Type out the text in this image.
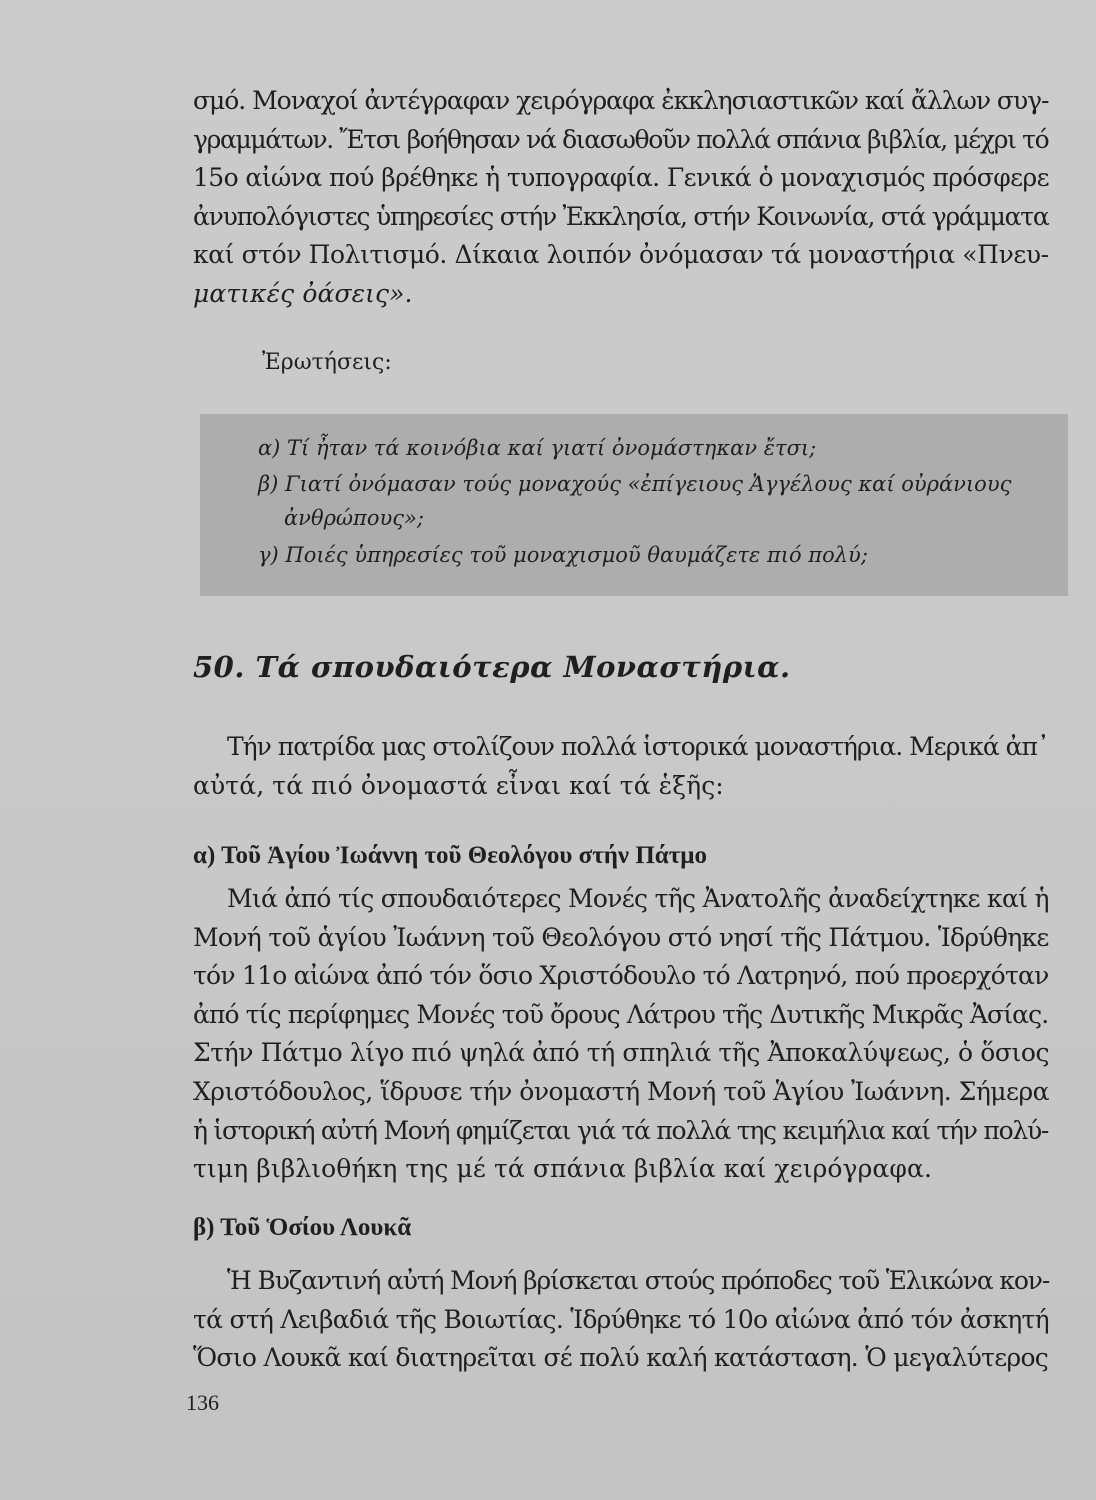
σμό. Μοναχοί ἀντέγραφαν χειρόγραφα ἐκκλησιαστικῶν καί ἄλλων συγ-
γραμμάτων. Ἔτσι βοήθησαν νά διασωθοῦν πολλά σπάνια βιβλία, μέχρι τό
15ο αἰώνα πού βρέθηκε ἡ τυπογραφία. Γενικά ὁ μοναχισμός πρόσφερε
ἀνυπολόγιστες ὑπηρεσίες στήν Ἐκκλησία, στήν Κοινωνία, στά γράμματα
καί στόν Πολιτισμό. Δίκαια λοιπόν ὀνόμασαν τά μοναστήρια «Πνευ-
ματικές ὀάσεις».
Ἐρωτήσεις:
α) Τί ἦταν τά κοινόβια καί γιατί ὀνομάστηκαν ἔτσι;
β) Γιατί ὀνόμασαν τούς μοναχούς «ἐπίγειους Ἀγγέλους καί οὐράνιους
ἀνθρώπους»;
γ) Ποιές ὑπηρεσίες τοῦ μοναχισμοῦ θαυμάζετε πιό πολύ;
50. Τά σπουδαιότερα Μοναστήρια.
Τήν πατρίδα μας στολίζουν πολλά ἱστορικά μοναστήρια. Μερικά ἀπ᾽
αὐτά, τά πιό ὀνομαστά εἶναι καί τά ἑξῆς:
α) Τοῦ Ἁγίου Ἰωάννη τοῦ Θεολόγου στήν Πάτμο
Μιά ἀπό τίς σπουδαιότερες Μονές τῆς Ἀνατολῆς ἀναδείχτηκε καί ἡ
Μονή τοῦ ἁγίου Ἰωάννη τοῦ Θεολόγου στό νησί τῆς Πάτμου. Ἱδρύθηκε
τόν 11ο αἰώνα ἀπό τόν ὅσιο Χριστόδουλο τό Λατρηνό, πού προερχόταν
ἀπό τίς περίφημες Μονές τοῦ ὄρους Λάτρου τῆς Δυτικῆς Μικρᾶς Ἀσίας.
Στήν Πάτμο λίγο πιό ψηλά ἀπό τή σπηλιά τῆς Ἀποκαλύψεως, ὁ ὅσιος
Χριστόδουλος, ἵδρυσε τήν ὀνομαστή Μονή τοῦ Ἁγίου Ἰωάννη. Σήμερα
ἡ ἱστορική αὐτή Μονή φημίζεται γιά τά πολλά της κειμήλια καί τήν πολύ-
τιμη βιβλιοθήκη της μέ τά σπάνια βιβλία καί χειρόγραφα.
β) Τοῦ Ὁσίου Λουκᾶ
Ἡ Βυζαντινή αὐτή Μονή βρίσκεται στούς πρόποδες τοῦ Ἑλικώνα κον-
τά στή Λειβαδιά τῆς Βοιωτίας. Ἱδρύθηκε τό 10ο αἰώνα ἀπό τόν ἀσκητή
Ὅσιο Λουκᾶ καί διατηρεῖται σέ πολύ καλή κατάσταση. Ὁ μεγαλύτερος
136
